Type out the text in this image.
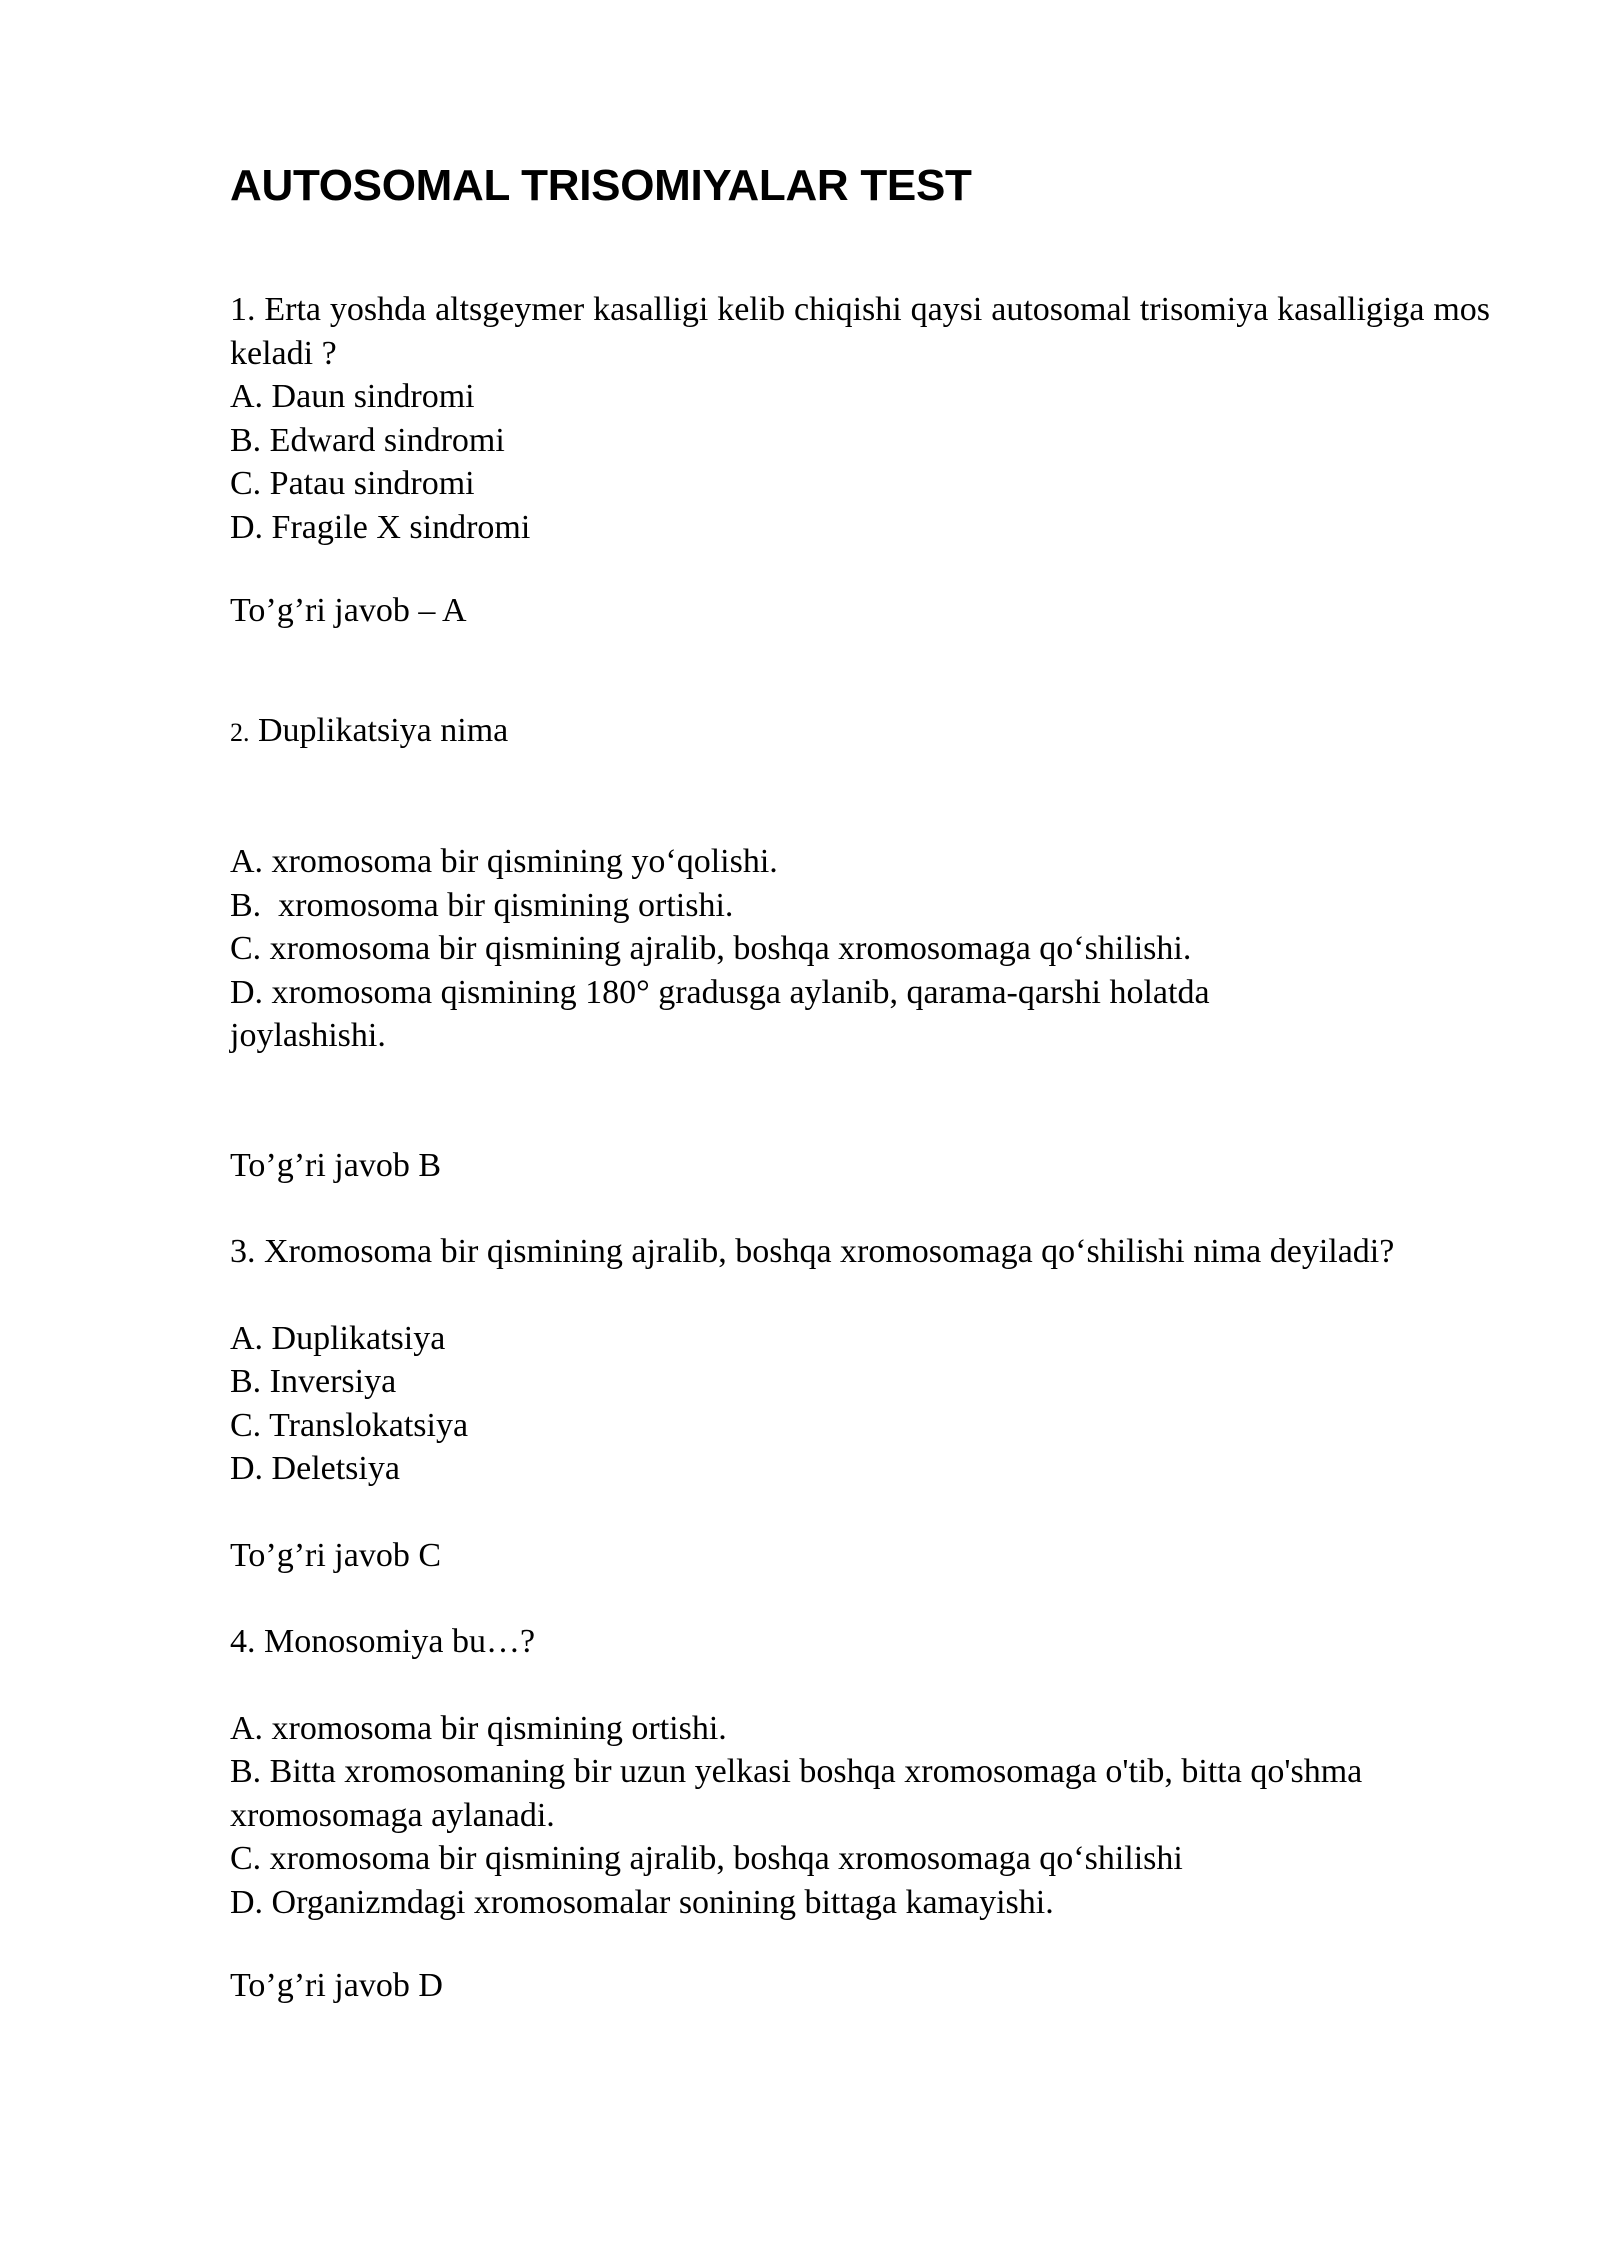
AUTOSOMAL TRISOMIYALAR TEST

1. Erta yoshda altsgeymer kasalligi kelib chiqishi qaysi autosomal trisomiya kasalligiga mos keladi ?

A. Daun sindromi

B. Edward sindromi

C. Patau sindromi

D. Fragile X sindromi

To’g’ri javob – A

2. Duplikatsiya nima

A. xromosoma bir qismining yo‘qolishi.

B.  xromosoma bir qismining ortishi.

C. xromosoma bir qismining ajralib, boshqa xromosomaga qo‘shilishi.

D. xromosoma qismining 180° gradusga aylanib, qarama-qarshi holatda joylashishi.

To’g’ri javob B

3. Xromosoma bir qismining ajralib, boshqa xromosomaga qo‘shilishi nima deyiladi?

A. Duplikatsiya

B. Inversiya

C. Translokatsiya

D. Deletsiya

To’g’ri javob C

4. Monosomiya bu…?

A. xromosoma bir qismining ortishi.

B. Bitta xromosomaning bir uzun yelkasi boshqa xromosomaga o'tib, bitta qo'shma xromosomaga aylanadi.

C. xromosoma bir qismining ajralib, boshqa xromosomaga qo‘shilishi

D. Organizmdagi xromosomalar sonining bittaga kamayishi.

To’g’ri javob D
